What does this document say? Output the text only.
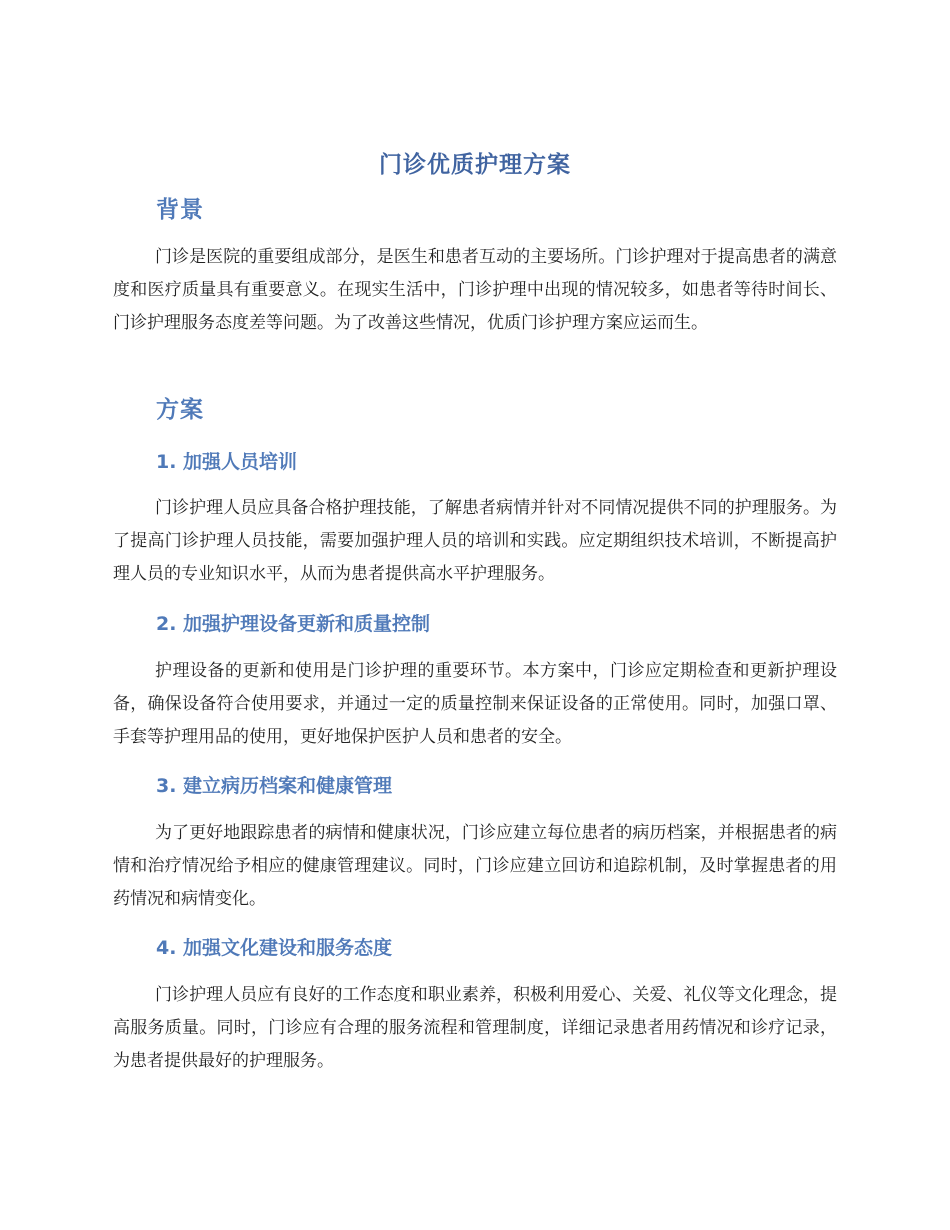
门诊优质护理方案
背景
门诊是医院的重要组成部分，是医生和患者互动的主要场所。门诊护理对于提高患者的满意度和医疗质量具有重要意义。在现实生活中，门诊护理中出现的情况较多，如患者等待时间长、门诊护理服务态度差等问题。为了改善这些情况，优质门诊护理方案应运而生。
方案
1. 加强人员培训
门诊护理人员应具备合格护理技能，了解患者病情并针对不同情况提供不同的护理服务。为了提高门诊护理人员技能，需要加强护理人员的培训和实践。应定期组织技术培训，不断提高护理人员的专业知识水平，从而为患者提供高水平护理服务。
2. 加强护理设备更新和质量控制
护理设备的更新和使用是门诊护理的重要环节。本方案中，门诊应定期检查和更新护理设备，确保设备符合使用要求，并通过一定的质量控制来保证设备的正常使用。同时，加强口罩、手套等护理用品的使用，更好地保护医护人员和患者的安全。
3. 建立病历档案和健康管理
为了更好地跟踪患者的病情和健康状况，门诊应建立每位患者的病历档案，并根据患者的病情和治疗情况给予相应的健康管理建议。同时，门诊应建立回访和追踪机制，及时掌握患者的用药情况和病情变化。
4. 加强文化建设和服务态度
门诊护理人员应有良好的工作态度和职业素养，积极利用爱心、关爱、礼仪等文化理念，提高服务质量。同时，门诊应有合理的服务流程和管理制度，详细记录患者用药情况和诊疗记录，为患者提供最好的护理服务。
